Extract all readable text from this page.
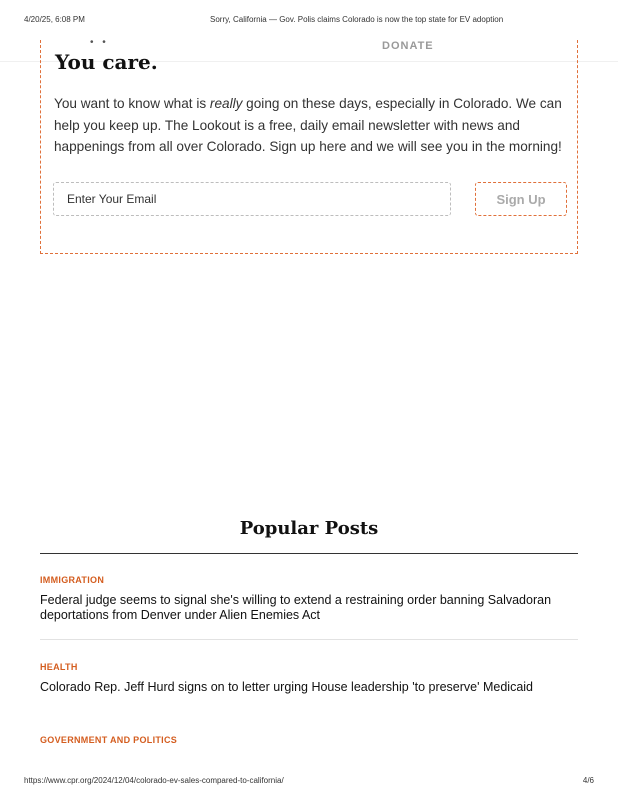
4/20/25, 6:08 PM	Sorry, California — Gov. Polis claims Colorado is now the top state for EV adoption
• •	DONATE
You care.

You want to know what is really going on these days, especially in Colorado. We can help you keep up. The Lookout is a free, daily email newsletter with news and happenings from all over Colorado. Sign up here and we will see you in the morning!

Enter Your Email
Sign Up
Popular Posts
IMMIGRATION
Federal judge seems to signal she's willing to extend a restraining order banning Salvadoran deportations from Denver under Alien Enemies Act
HEALTH
Colorado Rep. Jeff Hurd signs on to letter urging House leadership 'to preserve' Medicaid
GOVERNMENT AND POLITICS
https://www.cpr.org/2024/12/04/colorado-ev-sales-compared-to-california/	4/6
